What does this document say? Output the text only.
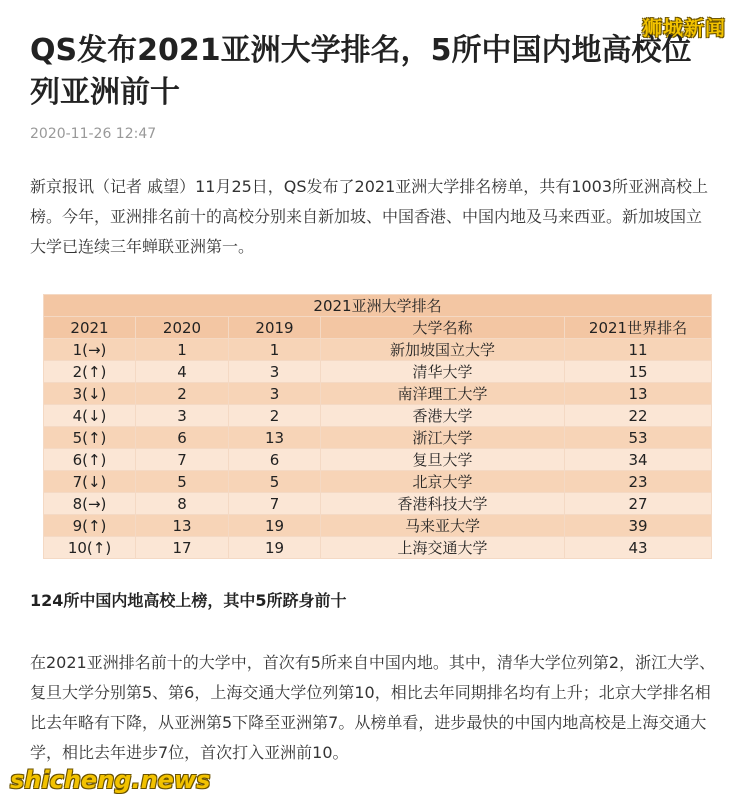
狮城新闻
QS发布2021亚洲大学排名，5所中国内地高校位列亚洲前十
2020-11-26 12:47

新京报讯（记者 戚望）11月25日，QS发布了2021亚洲大学排名榜单，共有1003所亚洲高校上榜。今年，亚洲排名前十的高校分别来自新加坡、中国香港、中国内地及马来西亚。新加坡国立大学已连续三年蝉联亚洲第一。

2021亚洲大学排名				
2021	2020	2019	大学名称	2021世界排名
1(→)	1	1	新加坡国立大学	11
2(↑)	4	3	清华大学	15
3(↓)	2	3	南洋理工大学	13
4(↓)	3	2	香港大学	22
5(↑)	6	13	浙江大学	53
6(↑)	7	6	复旦大学	34
7(↓)	5	5	北京大学	23
8(→)	8	7	香港科技大学	27
9(↑)	13	19	马来亚大学	39
10(↑)	17	19	上海交通大学	43
124所中国内地高校上榜，其中5所跻身前十

在2021亚洲排名前十的大学中，首次有5所来自中国内地。其中，清华大学位列第2，浙江大学、复旦大学分别第5、第6，上海交通大学位列第10，相比去年同期排名均有上升；北京大学排名相比去年略有下降，从亚洲第5下降至亚洲第7。从榜单看，进步最快的中国内地高校是上海交通大学，相比去年进步7位，首次打入亚洲前10。

shicheng.news
